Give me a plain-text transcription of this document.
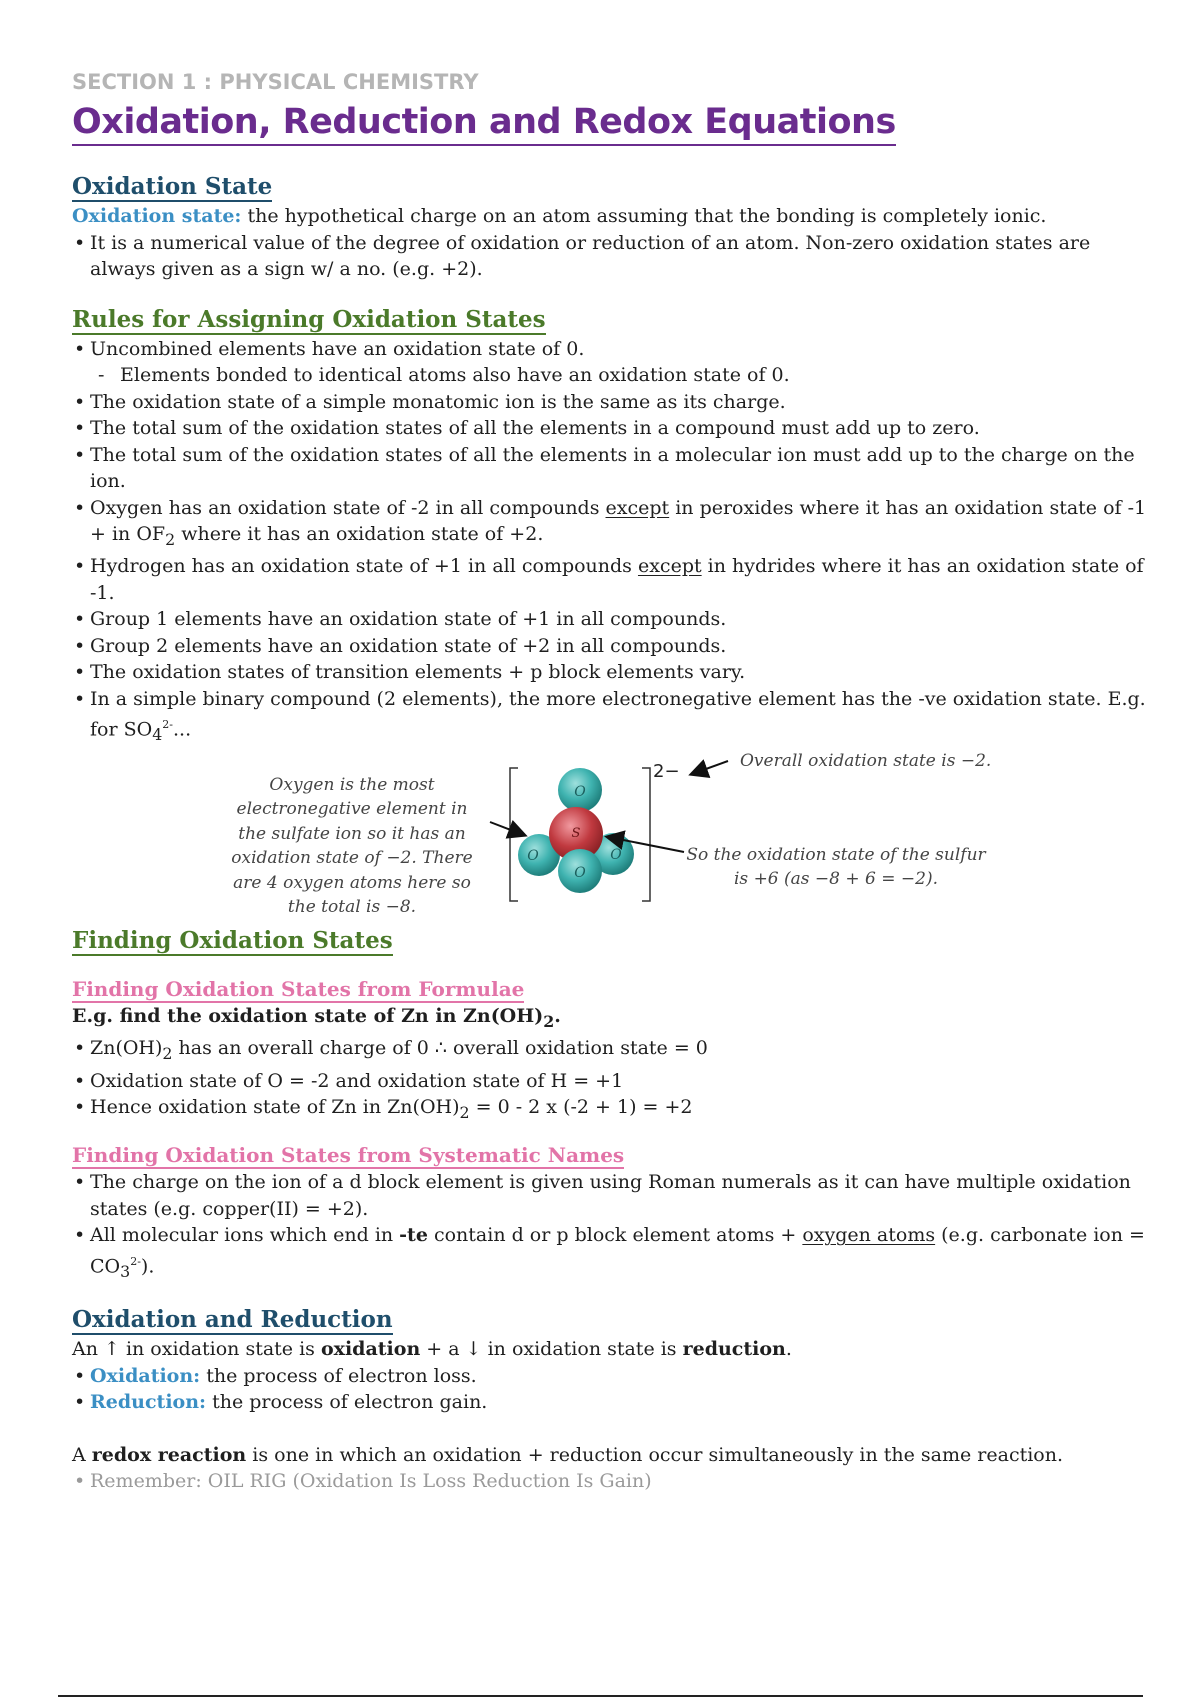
SECTION 1 : PHYSICAL CHEMISTRY
Oxidation, Reduction and Redox Equations
Oxidation State
Oxidation state: the hypothetical charge on an atom assuming that the bonding is completely ionic.
• It is a numerical value of the degree of oxidation or reduction of an atom. Non-zero oxidation states are always given as a sign w/ a no. (e.g. +2).
Rules for Assigning Oxidation States
• Uncombined elements have an oxidation state of 0.
- Elements bonded to identical atoms also have an oxidation state of 0.
• The oxidation state of a simple monatomic ion is the same as its charge.
• The total sum of the oxidation states of all the elements in a compound must add up to zero.
• The total sum of the oxidation states of all the elements in a molecular ion must add up to the charge on the ion.
• Oxygen has an oxidation state of -2 in all compounds except in peroxides where it has an oxidation state of -1 + in $OF_2$ where it has an oxidation state of +2.
• Hydrogen has an oxidation state of +1 in all compounds except in hydrides where it has an oxidation state of -1.
• Group 1 elements have an oxidation state of +1 in all compounds.
• Group 2 elements have an oxidation state of +2 in all compounds.
• The oxidation states of transition elements + p block elements vary.
• In a simple binary compound (2 elements), the more electronegative element has the -ve oxidation state. E.g. for $SO_4^{2-}$...
Oxygen is the most
electronegative element in
the sulfate ion so it has an
oxidation state of −2. There
are 4 oxygen atoms here so
the total is −8.
O
S
O	O
O
2−	Overall oxidation state is −2.
So the oxidation state of the sulfur
is +6 (as −8 + 6 = −2).
Finding Oxidation States
Finding Oxidation States from Formulae
E.g. find the oxidation state of Zn in $Zn(OH)_2$.
• $Zn(OH)_2$ has an overall charge of 0 ∴ overall oxidation state = 0
• Oxidation state of O = -2 and oxidation state of H = +1
• Hence oxidation state of Zn in $Zn(OH)_2 = 0 - 2$ x (-2 + 1) = +2
Finding Oxidation States from Systematic Names
• The charge on the ion of a d block element is given using Roman numerals as it can have multiple oxidation states (e.g. copper(II) = +2).
• All molecular ions which end in -te contain d or p block element atoms + oxygen atoms (e.g. carbonate ion = $CO_3^{2-}$).
Oxidation and Reduction
An ↑ in oxidation state is oxidation + a ↓ in oxidation state is reduction.
• Oxidation: the process of electron loss.
• Reduction: the process of electron gain.
A redox reaction is one in which an oxidation + reduction occur simultaneously in the same reaction.
• Remember: OIL RIG (Oxidation Is Loss Reduction Is Gain)
